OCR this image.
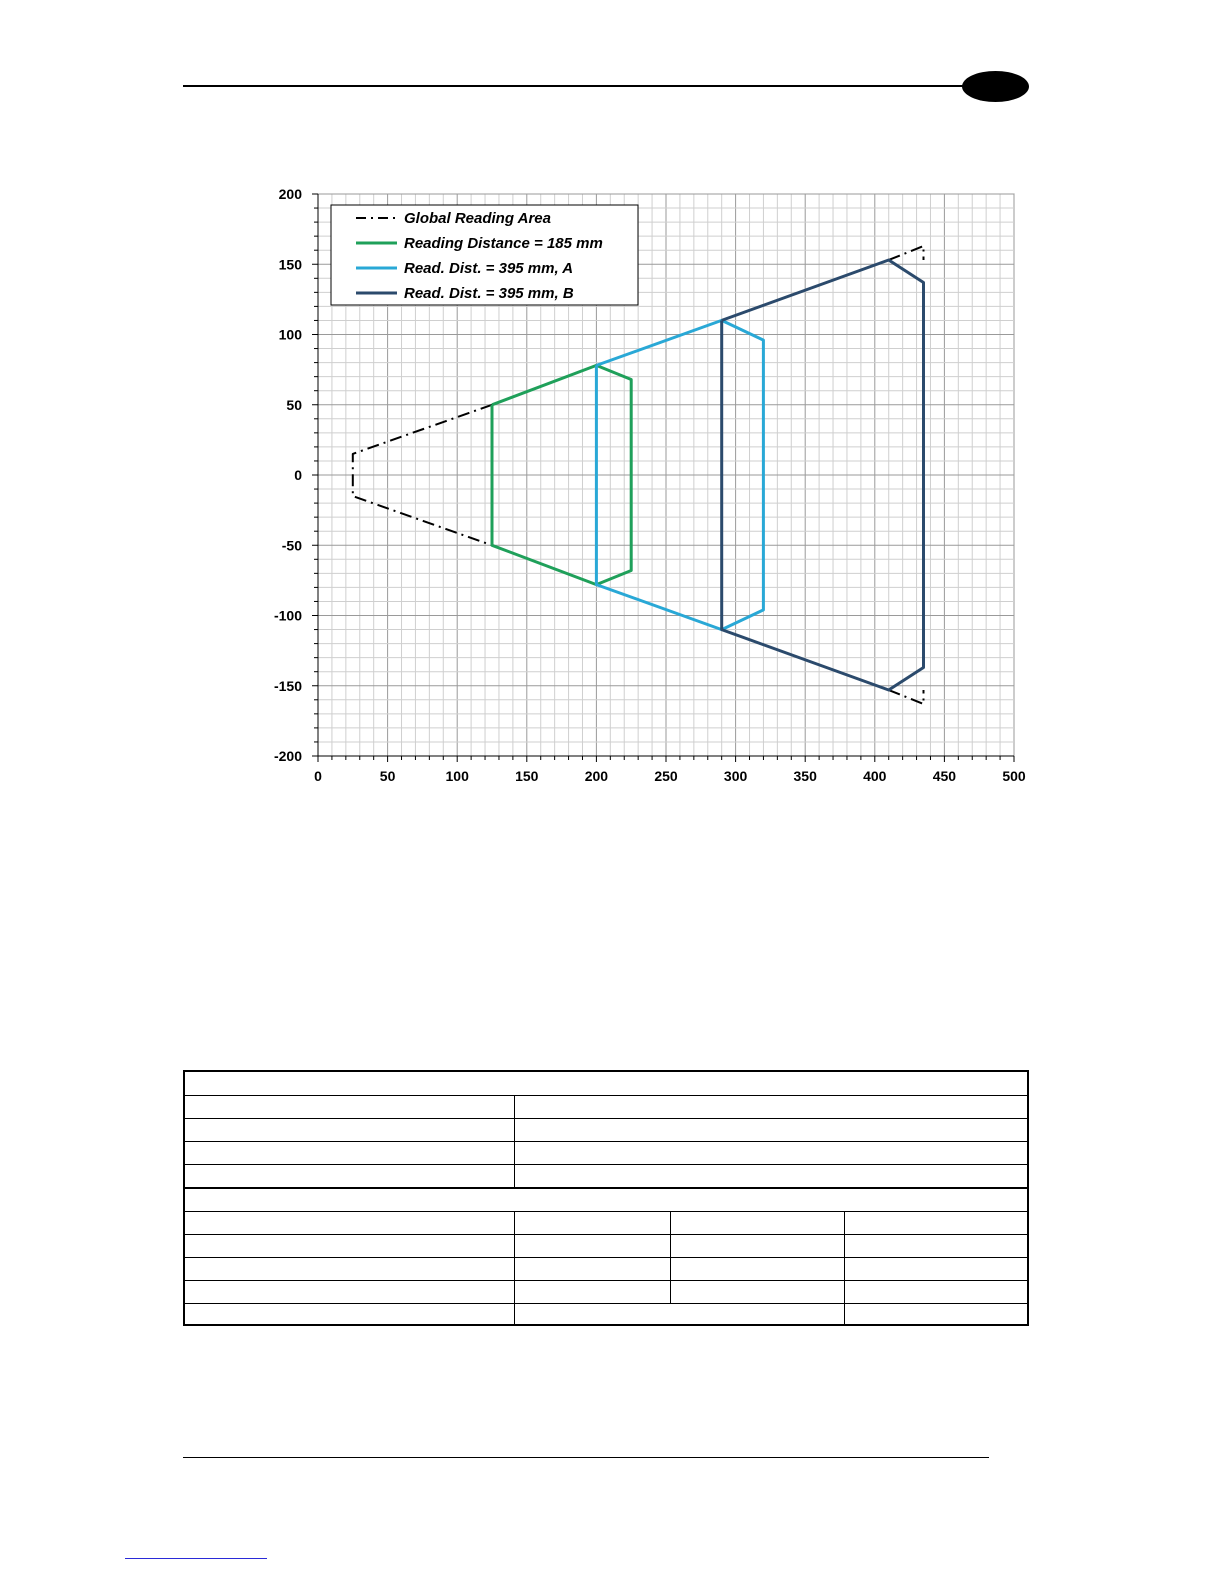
200
150
100
50
0
-50
-100
-150
-200
0	50	100	150	200	250	300	350	400	450	500
Global Reading Area
Reading Distance = 185 mm
Read. Dist. = 395 mm, A
Read. Dist. = 395 mm, B
